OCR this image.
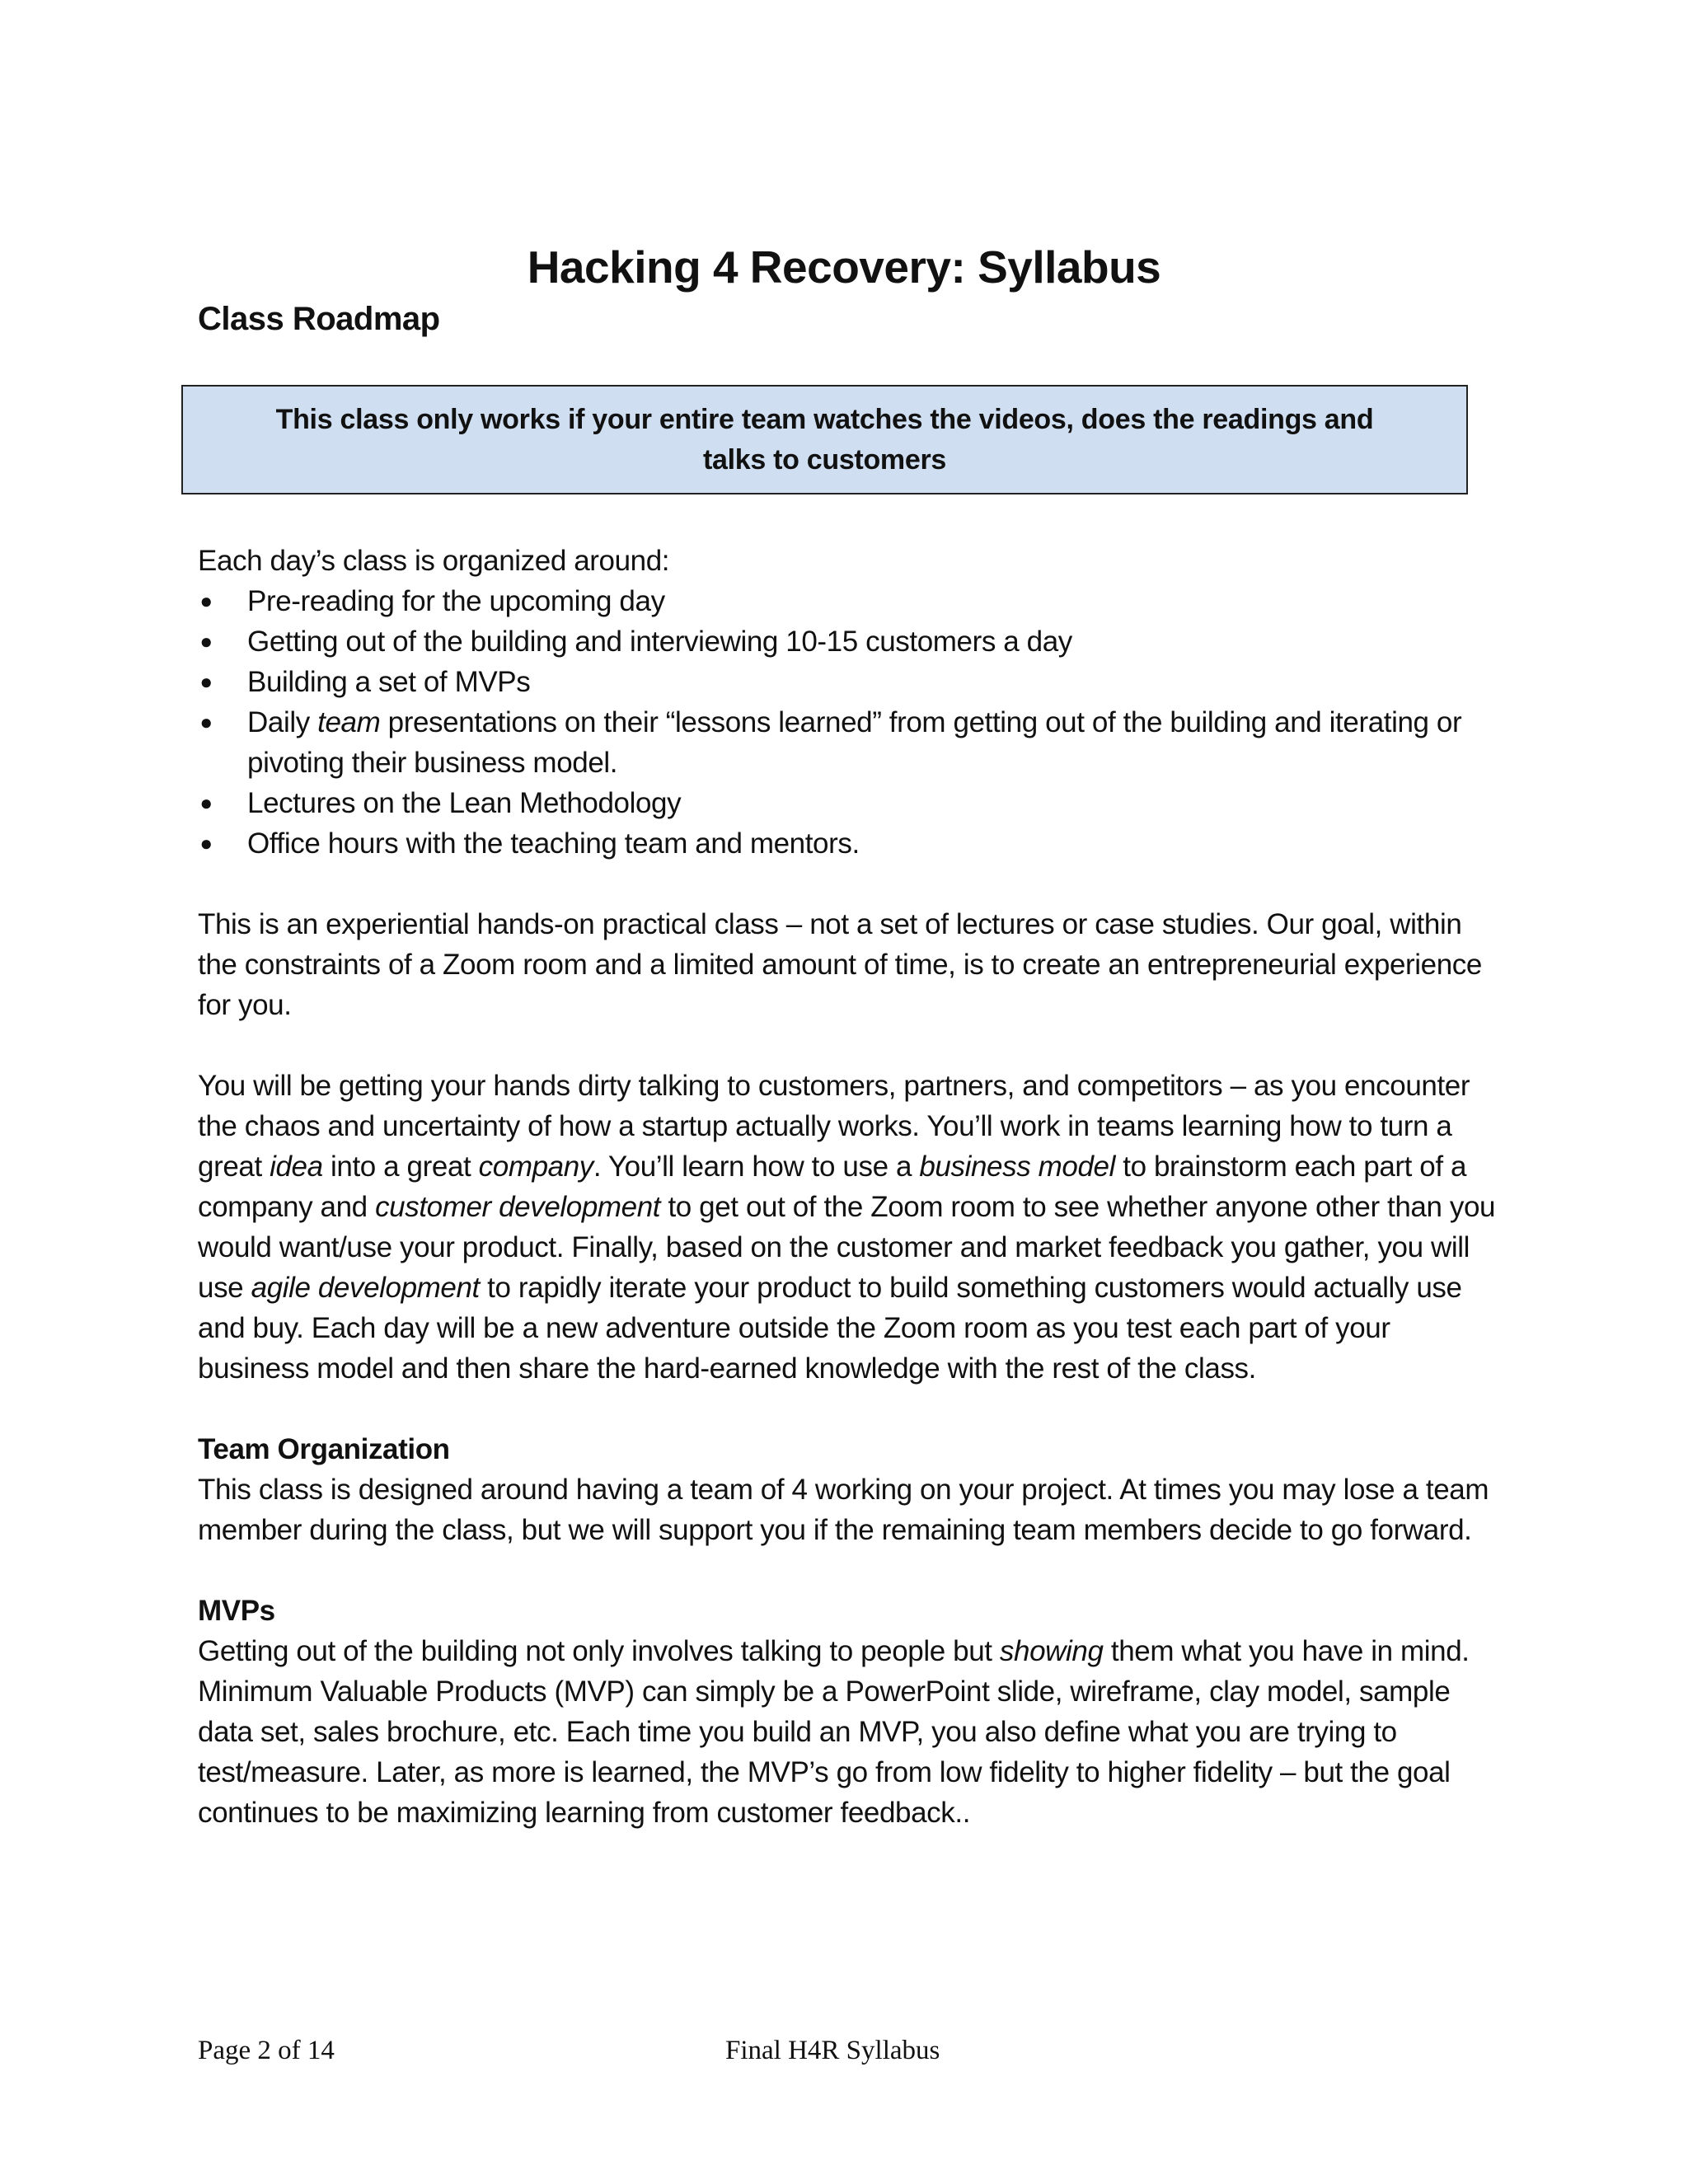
Hacking 4 Recovery: Syllabus
Class Roadmap

This class only works if your entire team watches the videos, does the readings and talks to customers

Each day’s class is organized around:

● Pre-reading for the upcoming day
● Getting out of the building and interviewing 10-15 customers a day
● Building a set of MVPs
● Daily team presentations on their “lessons learned” from getting out of the building and iterating or pivoting their business model.
● Lectures on the Lean Methodology
● Office hours with the teaching team and mentors.

This is an experiential hands-on practical class – not a set of lectures or case studies. Our goal, within the constraints of a Zoom room and a limited amount of time, is to create an entrepreneurial experience for you.

You will be getting your hands dirty talking to customers, partners, and competitors – as you encounter the chaos and uncertainty of how a startup actually works. You’ll work in teams learning how to turn a great idea into a great company. You’ll learn how to use a business model to brainstorm each part of a company and customer development to get out of the Zoom room to see whether anyone other than you would want/use your product. Finally, based on the customer and market feedback you gather, you will use agile development to rapidly iterate your product to build something customers would actually use and buy. Each day will be a new adventure outside the Zoom room as you test each part of your business model and then share the hard-earned knowledge with the rest of the class.

Team Organization

This class is designed around having a team of 4 working on your project. At times you may lose a team member during the class, but we will support you if the remaining team members decide to go forward.

MVPs

Getting out of the building not only involves talking to people but showing them what you have in mind. Minimum Valuable Products (MVP) can simply be a PowerPoint slide, wireframe, clay model, sample data set, sales brochure, etc. Each time you build an MVP, you also define what you are trying to test/measure. Later, as more is learned, the MVP’s go from low fidelity to higher fidelity – but the goal continues to be maximizing learning from customer feedback..

Page 2 of 14	Final H4R Syllabus
